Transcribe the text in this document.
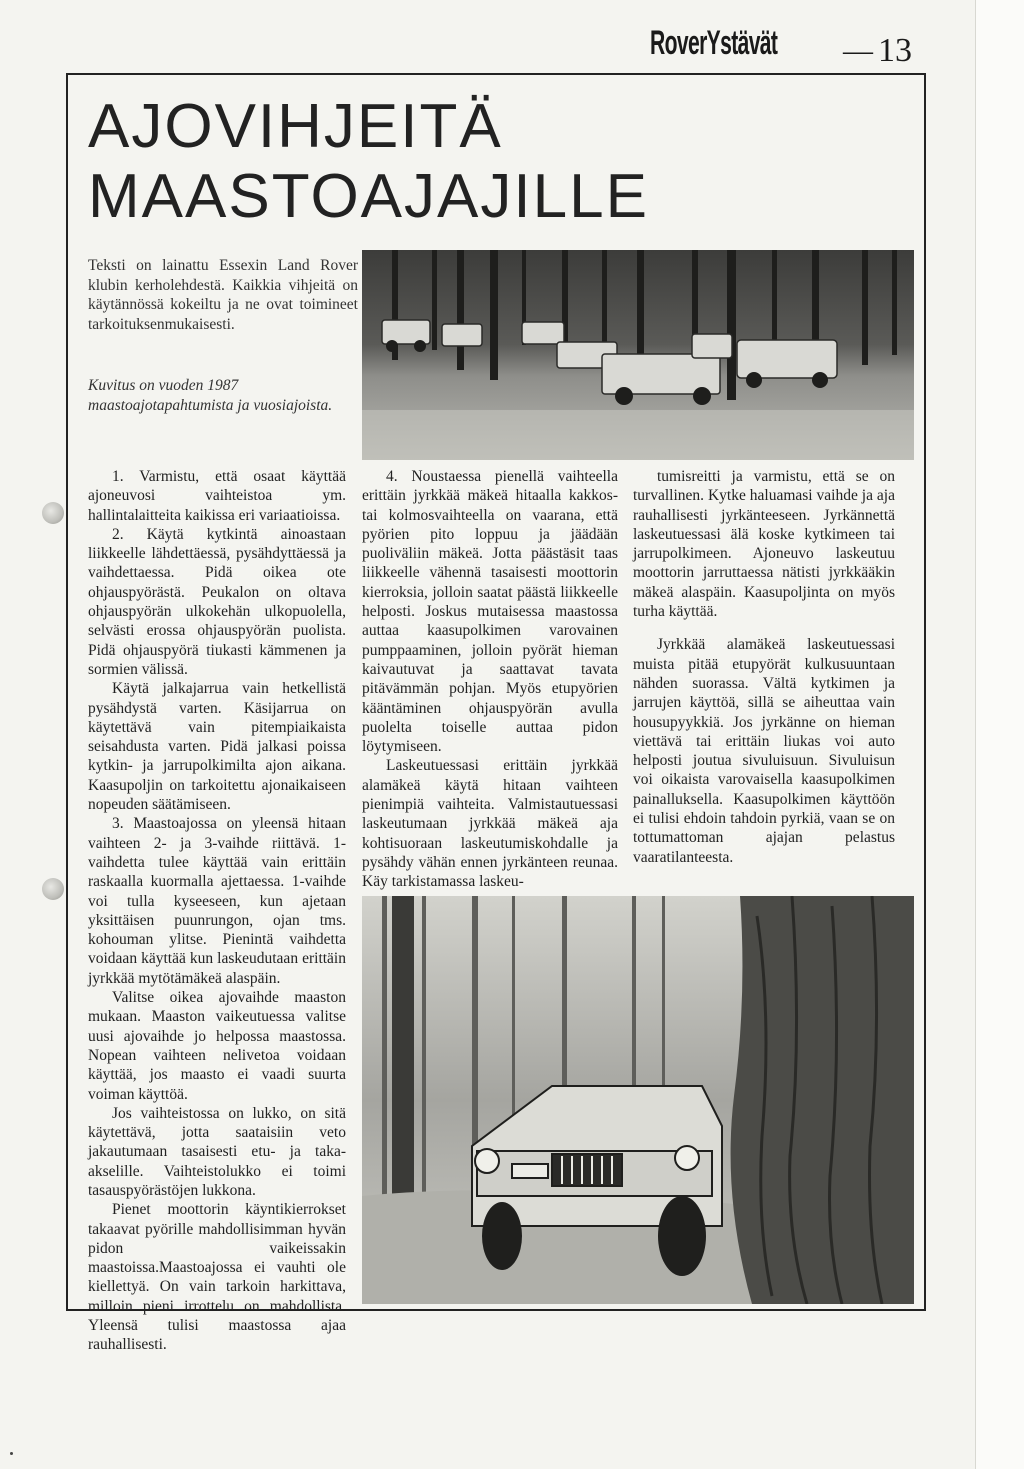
RoverYstävät — 13
AJOVIHJEITÄ
MAASTOAJAJILLE
Teksti on lainattu Essexin Land Rover klubin kerholehdestä. Kaikkia vihjeitä on käytännössä kokeiltu ja ne ovat toimineet tarkoituksenmukaisesti.
Kuvitus on vuoden 1987 maastoajotapahtumista ja vuosiajoista.

1. Varmistu, että osaat käyttää ajoneuvosi vaihteistoa ym. hallintalaitteita kaikissa eri variaatioissa.

2. Käytä kytkintä ainoastaan liikkeelle lähdettäessä, pysähdyttäessä ja vaihdettaessa. Pidä oikea ote ohjauspyörästä. Peukalon on oltava ohjauspyörän ulkokehän ulkopuolella, selvästi erossa ohjauspyörän puolista. Pidä ohjauspyörä tiukasti kämmenen ja sormien välissä.

Käytä jalkajarrua vain hetkellistä pysähdystä varten. Käsijarrua on käytettävä vain pitempiaikaista seisahdusta varten. Pidä jalkasi poissa kytkin- ja jarrupolkimilta ajon aikana. Kaasupoljin on tarkoitettu ajonaikaiseen nopeuden säätämiseen.

3. Maastoajossa on yleensä hitaan vaihteen 2- ja 3-vaihde riittävä. 1-vaihdetta tulee käyttää vain erittäin raskaalla kuormalla ajettaessa. 1-vaihde voi tulla kyseeseen, kun ajetaan yksittäisen puunrungon, ojan tms. kohouman ylitse. Pienintä vaihdetta voidaan käyttää kun laskeudutaan erittäin jyrkkää mytötämäkeä alaspäin.

Valitse oikea ajovaihde maaston mukaan. Maaston vaikeutuessa valitse uusi ajovaihde jo helpossa maastossa. Nopean vaihteen nelivetoa voidaan käyttää, jos maasto ei vaadi suurta voiman käyttöä.

Jos vaihteistossa on lukko, on sitä käytettävä, jotta saataisiin veto jakautumaan tasaisesti etu- ja taka-akselille. Vaihteistolukko ei toimi tasauspyörästöjen lukkona.

Pienet moottorin käyntikierrokset takaavat pyörille mahdollisimman hyvän pidon vaikeissakin maastoissa.Maastoajossa ei vauhti ole kiellettyä. On vain tarkoin harkittava, milloin pieni irrottelu on mahdollista. Yleensä tulisi maastossa ajaa rauhallisesti.

4. Noustaessa pienellä vaihteella erittäin jyrkkää mäkeä hitaalla kakkos- tai kolmosvaihteella on vaarana, että pyörien pito loppuu ja jäädään puoliväliin mäkeä. Jotta päästäsit taas liikkeelle vähennä tasaisesti moottorin kierroksia, jolloin saatat päästä liikkeelle helposti. Joskus mutaisessa maastossa auttaa kaasupolkimen varovainen pumppaaminen, jolloin pyörät hieman kaivautuvat ja saattavat tavata pitävämmän pohjan. Myös etupyörien kääntäminen ohjauspyörän avulla puolelta toiselle auttaa pidon löytymiseen.

Laskeutuessasi erittäin jyrkkää alamäkeä käytä hitaan vaihteen pienimpiä vaihteita. Valmistautuessasi laskeutumaan jyrkkää mäkeä aja kohtisuoraan laskeutumiskohdalle ja pysähdy vähän ennen jyrkänteen reunaa. Käy tarkistamassa laskeu-

tumisreitti ja varmistu, että se on turvallinen. Kytke haluamasi vaihde ja aja rauhallisesti jyrkänteeseen. Jyrkännettä laskeutuessasi älä koske kytkimeen tai jarrupolkimeen. Ajoneuvo laskeutuu moottorin jarruttaessa nätisti jyrkkääkin mäkeä alaspäin. Kaasupoljinta on myös turha käyttää.

Jyrkkää alamäkeä laskeutuessasi muista pitää etupyörät kulkusuuntaan nähden suorassa. Vältä kytkimen ja jarrujen käyttöä, sillä se aiheuttaa vain housupyykkiä. Jos jyrkänne on hieman viettävä tai erittäin liukas voi auto helposti joutua sivuluisuun. Sivuluisun voi oikaista varovaisella kaasupolkimen painalluksella. Kaasupolkimen käyttöön ei tulisi ehdoin tahdoin pyrkiä, vaan se on tottumattoman ajajan pelastus vaaratilanteesta.
